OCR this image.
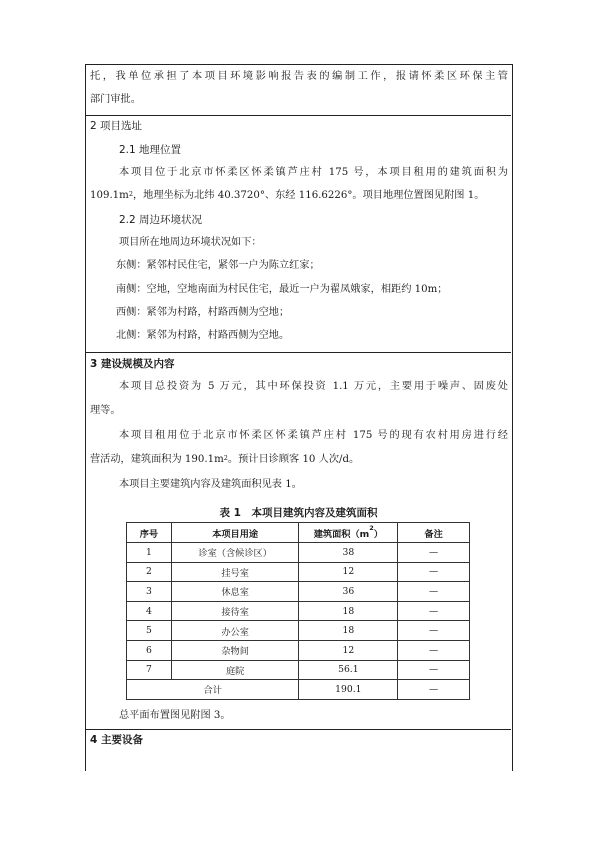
托，我单位承担了本项目环境影响报告表的编制工作，报请怀柔区环保主管
部门审批。
2 项目选址
2.1 地理位置
本项目位于北京市怀柔区怀柔镇芦庄村 175 号，本项目租用的建筑面积为
$109.1m^2$，地理坐标为北纬 40.3720°、东经 116.6226°。项目地理位置图见附图 1。
2.2 周边环境状况
项目所在地周边环境状况如下：
东侧：紧邻村民住宅，紧邻一户为陈立红家；
南侧：空地，空地南面为村民住宅，最近一户为翟凤娥家，相距约 10m；
西侧：紧邻为村路，村路西侧为空地；
北侧：紧邻为村路，村路西侧为空地。
3 建设规模及内容
本项目总投资为 5 万元，其中环保投资 1.1 万元，主要用于噪声、固废处
理等。
本项目租用位于北京市怀柔区怀柔镇芦庄村 175 号的现有农村用房进行经
营活动，建筑面积为 $190.1m^2$。预计日诊顾客 10 人次/d。
本项目主要建筑内容及建筑面积见表 1。
表 1　本项目建筑内容及建筑面积
序号	本项目用途	建筑面积$(m^2)$	备注
1	诊室（含候诊区）	38	—
2	挂号室	12	—
3	休息室	36	—
4	接待室	18	—
5	办公室	18	—
6	杂物间	12	—
7	庭院	56.1	—
合计		190.1	—
总平面布置图见附图 3。
4 主要设备
